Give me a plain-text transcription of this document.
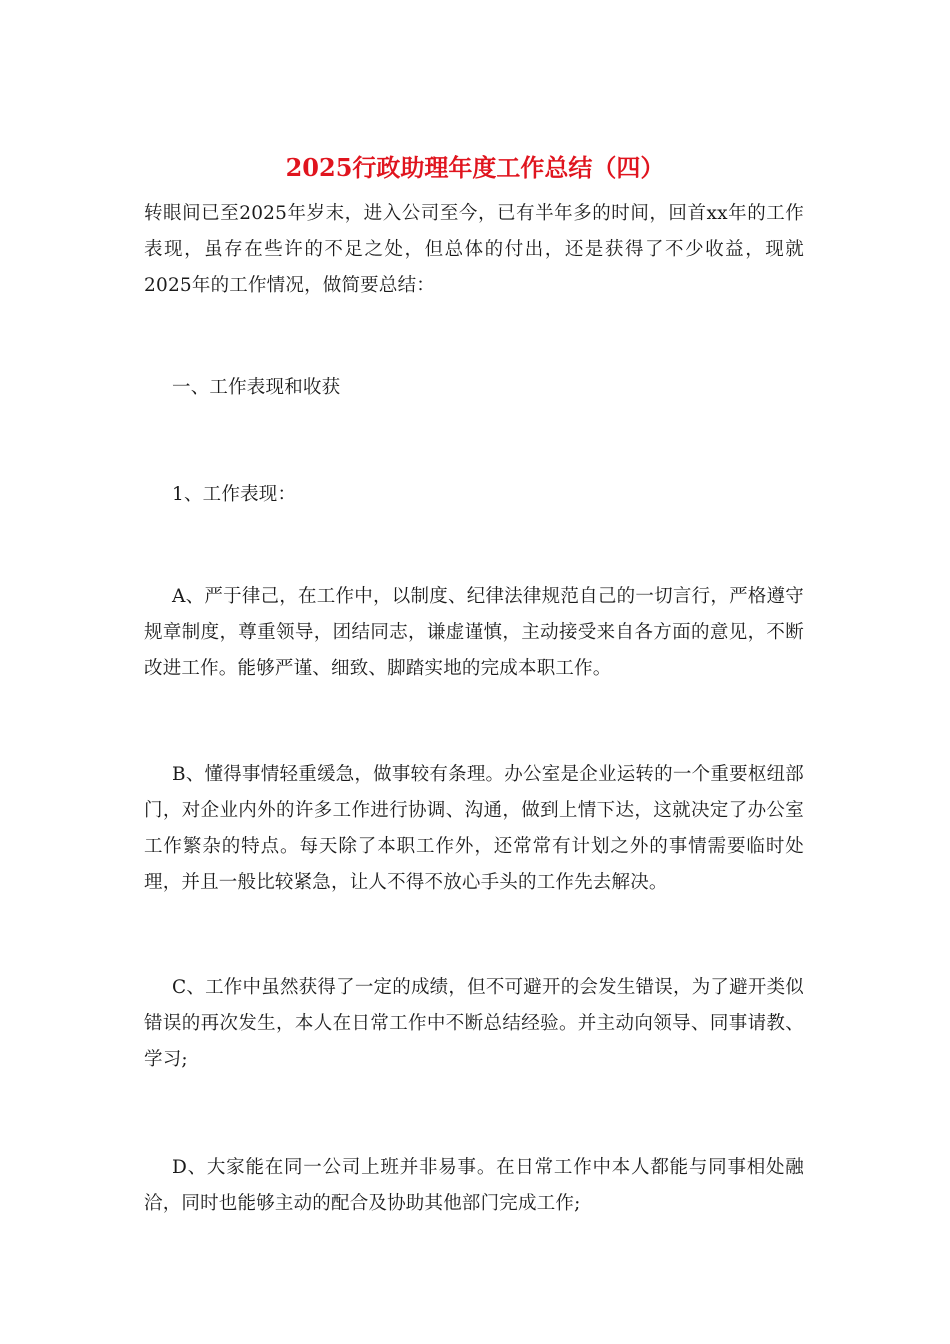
2025行政助理年度工作总结（四）

转眼间已至2025年岁末，进入公司至今，已有半年多的时间，回首xx年的工作表现，虽存在些许的不足之处，但总体的付出，还是获得了不少收益，现就2025年的工作情况，做简要总结：

一、工作表现和收获

1、工作表现：

A、严于律己，在工作中，以制度、纪律法律规范自己的一切言行，严格遵守规章制度，尊重领导，团结同志，谦虚谨慎，主动接受来自各方面的意见，不断改进工作。能够严谨、细致、脚踏实地的完成本职工作。

B、懂得事情轻重缓急，做事较有条理。办公室是企业运转的一个重要枢纽部门，对企业内外的许多工作进行协调、沟通，做到上情下达，这就决定了办公室工作繁杂的特点。每天除了本职工作外，还常常有计划之外的事情需要临时处理，并且一般比较紧急，让人不得不放心手头的工作先去解决。

C、工作中虽然获得了一定的成绩，但不可避开的会发生错误，为了避开类似错误的再次发生，本人在日常工作中不断总结经验。并主动向领导、同事请教、学习;

D、大家能在同一公司上班并非易事。在日常工作中本人都能与同事相处融洽，同时也能够主动的配合及协助其他部门完成工作;
